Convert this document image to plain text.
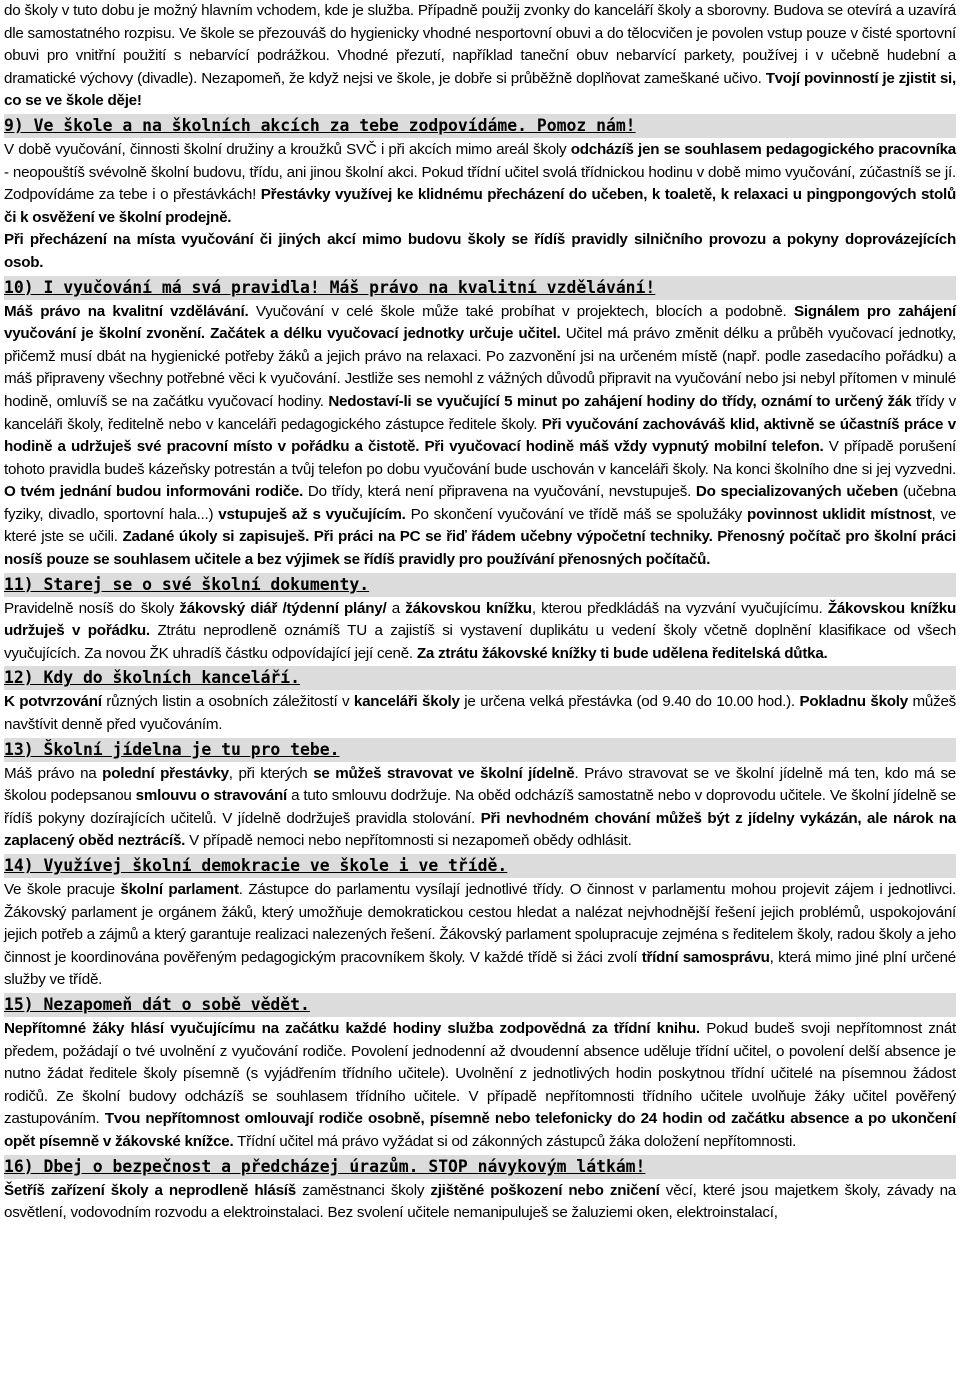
do školy v tuto dobu je možný hlavním vchodem, kde je služba. Případně použij zvonky do kanceláří školy a sborovny. Budova se otevírá a uzavírá dle samostatného rozpisu. Ve škole se přezouváš do hygienicky vhodné nesportovní obuvi a do tělocvičen je povolen vstup pouze v čisté sportovní obuvi pro vnitřní použití s nebarvící podrážkou. Vhodné přezutí, například taneční obuv nebarvící parkety, používej i v učebně hudební a dramatické výchovy (divadle). Nezapomeň, že když nejsi ve škole, je dobře si průběžně doplňovat zameškané učivo. Tvojí povinností je zjistit si, co se ve škole děje!

9) Ve škole a na školních akcích za tebe zodpovídáme. Pomoz nám!

V době vyučování, činnosti školní družiny a kroužků SVČ i při akcích mimo areál školy odcházíš jen se souhlasem pedagogického pracovníka - neopouštíš svévolně školní budovu, třídu, ani jinou školní akci. Pokud třídní učitel svolá třídnickou hodinu v době mimo vyučování, zúčastníš se jí. Zodpovídáme za tebe i o přestávkách! Přestávky využívej ke klidnému přecházení do učeben, k toaletě, k relaxaci u pingpongových stolů či k osvěžení ve školní prodejně.

Při přecházení na místa vyučování či jiných akcí mimo budovu školy se řídíš pravidly silničního provozu a pokyny doprovázejících osob.

10) I vyučování má svá pravidla! Máš právo na kvalitní vzdělávání!

Máš právo na kvalitní vzdělávání. Vyučování v celé škole může také probíhat v projektech, blocích a podobně. Signálem pro zahájení vyučování je školní zvonění. Začátek a délku vyučovací jednotky určuje učitel. Učitel má právo změnit délku a průběh vyučovací jednotky, přičemž musí dbát na hygienické potřeby žáků a jejich právo na relaxaci. Po zazvonění jsi na určeném místě (např. podle zasedacího pořádku) a máš připraveny všechny potřebné věci k vyučování. Jestliže ses nemohl z vážných důvodů připravit na vyučování nebo jsi nebyl přítomen v minulé hodině, omluvíš se na začátku vyučovací hodiny. Nedostaví-li se vyučující 5 minut po zahájení hodiny do třídy, oznámí to určený žák třídy v kanceláři školy, ředitelně nebo v kanceláři pedagogického zástupce ředitele školy. Při vyučování zachováváš klid, aktivně se účastníš práce v hodině a udržuješ své pracovní místo v pořádku a čistotě. Při vyučovací hodině máš vždy vypnutý mobilní telefon. V případě porušení tohoto pravidla budeš kázeňsky potrestán a tvůj telefon po dobu vyučování bude uschován v kanceláři školy. Na konci školního dne si jej vyzvedni. O tvém jednání budou informováni rodiče. Do třídy, která není připravena na vyučování, nevstupuješ. Do specializovaných učeben (učebna fyziky, divadlo, sportovní hala...) vstupuješ až s vyučujícím. Po skončení vyučování ve třídě máš se spolužáky povinnost uklidit místnost, ve které jste se učili. Zadané úkoly si zapisuješ. Při práci na PC se řiď řádem učebny výpočetní techniky. Přenosný počítač pro školní práci nosíš pouze se souhlasem učitele a bez výjimek se řídíš pravidly pro používání přenosných počítačů.

11) Starej se o své školní dokumenty.

Pravidelně nosíš do školy žákovský diář /týdenní plány/ a žákovskou knížku, kterou předkládáš na vyzvání vyučujícímu. Žákovskou knížku udržuješ v pořádku. Ztrátu neprodleně oznámíš TU a zajistíš si vystavení duplikátu u vedení školy včetně doplnění klasifikace od všech vyučujících. Za novou ŽK uhradíš částku odpovídající její ceně. Za ztrátu žákovské knížky ti bude udělena ředitelská důtka.

12) Kdy do školních kanceláří.

K potvrzování různých listin a osobních záležitostí v kanceláři školy je určena velká přestávka (od 9.40 do 10.00 hod.). Pokladnu školy můžeš navštívit denně před vyučováním.

13) Školní jídelna je tu pro tebe.

Máš právo na polední přestávky, při kterých se můžeš stravovat ve školní jídelně. Právo stravovat se ve školní jídelně má ten, kdo má se školou podepsanou smlouvu o stravování a tuto smlouvu dodržuje. Na oběd odcházíš samostatně nebo v doprovodu učitele. Ve školní jídelně se řídíš pokyny dozírajících učitelů. V jídelně dodržuješ pravidla stolování. Při nevhodném chování můžeš být z jídelny vykázán, ale nárok na zaplacený oběd neztrácíš. V případě nemoci nebo nepřítomnosti si nezapomeň obědy odhlásit.

14) Využívej školní demokracie ve škole i ve třídě.

Ve škole pracuje školní parlament. Zástupce do parlamentu vysílají jednotlivé třídy. O činnost v parlamentu mohou projevit zájem i jednotlivci. Žákovský parlament je orgánem žáků, který umožňuje demokratickou cestou hledat a nalézat nejvhodnější řešení jejich problémů, uspokojování jejich potřeb a zájmů a který garantuje realizaci nalezených řešení. Žákovský parlament spolupracuje zejména s ředitelem školy, radou školy a jeho činnost je koordinována pověřeným pedagogickým pracovníkem školy. V každé třídě si žáci zvolí třídní samosprávu, která mimo jiné plní určené služby ve třídě.

15) Nezapomeň dát o sobě vědět.

Nepřítomné žáky hlásí vyučujícímu na začátku každé hodiny služba zodpovědná za třídní knihu. Pokud budeš svoji nepřítomnost znát předem, požádají o tvé uvolnění z vyučování rodiče. Povolení jednodenní až dvoudenní absence uděluje třídní učitel, o povolení delší absence je nutno žádat ředitele školy písemně (s vyjádřením třídního učitele). Uvolnění z jednotlivých hodin poskytnou třídní učitelé na písemnou žádost rodičů. Ze školní budovy odcházíš se souhlasem třídního učitele. V případě nepřítomnosti třídního učitele uvolňuje žáky učitel pověřený zastupováním. Tvou nepřítomnost omlouvají rodiče osobně, písemně nebo telefonicky do 24 hodin od začátku absence a po ukončení opět písemně v žákovské knížce. Třídní učitel má právo vyžádat si od zákonných zástupců žáka doložení nepřítomnosti.

16) Dbej o bezpečnost a předcházej úrazům. STOP návykovým látkám!

Šetříš zařízení školy a neprodleně hlásíš zaměstnanci školy zjištěné poškození nebo zničení věcí, které jsou majetkem školy, závady na osvětlení, vodovodním rozvodu a elektroinstalaci. Bez svolení učitele nemanipuluješ se žaluziemi oken, elektroinstalací,
